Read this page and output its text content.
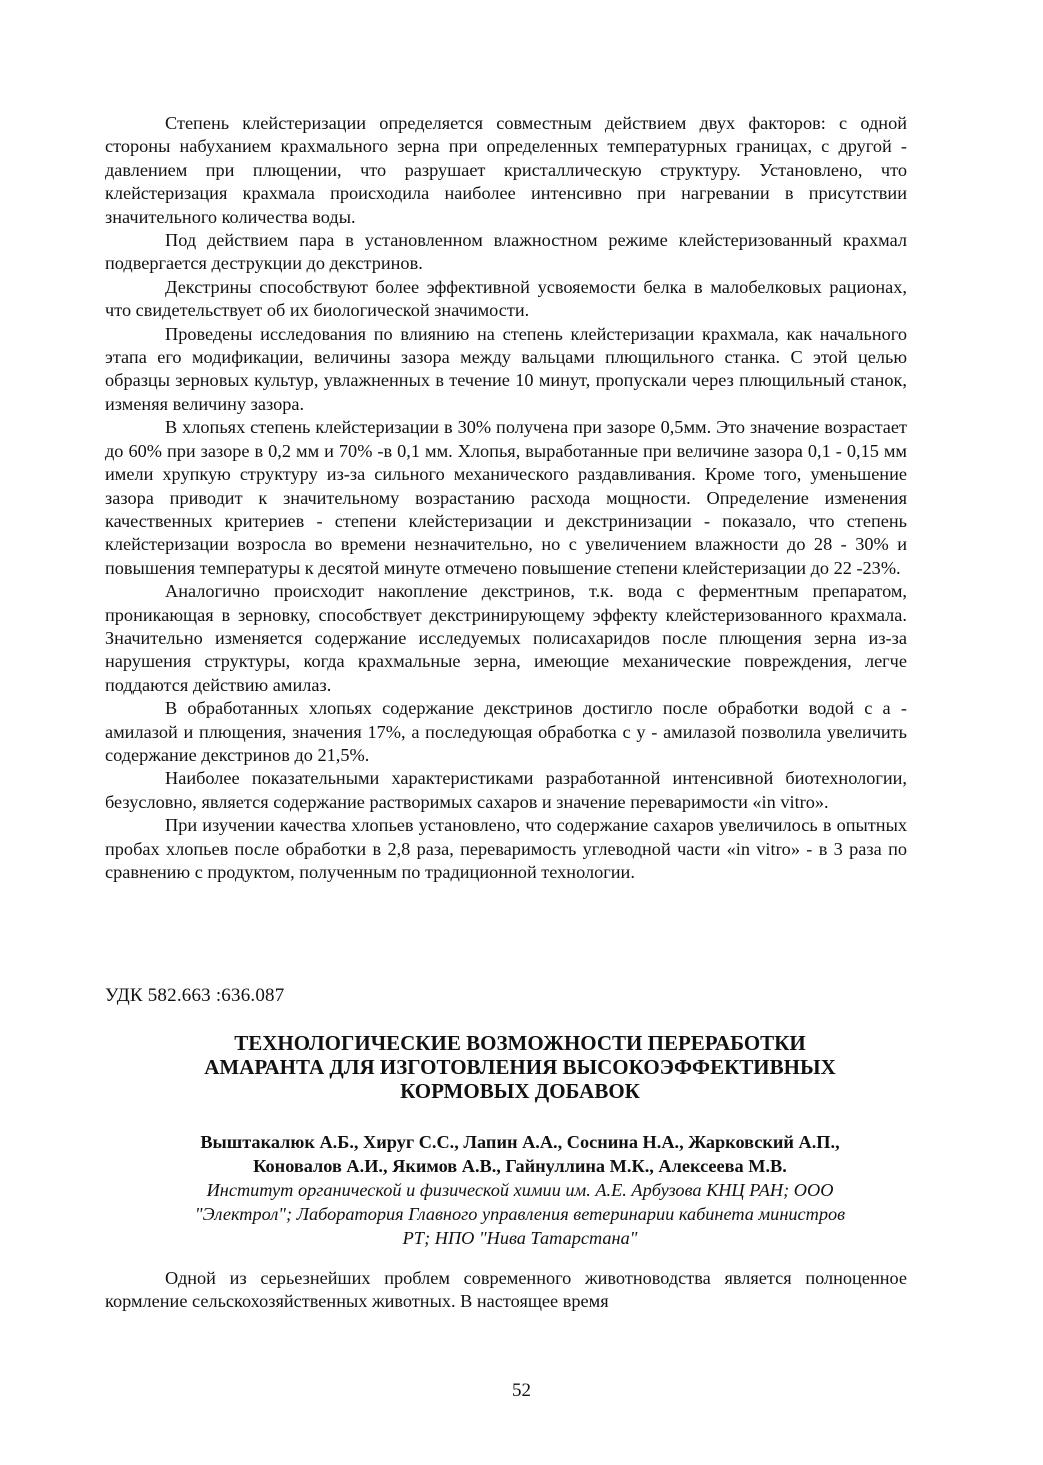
Степень клейстеризации определяется совместным действием двух факторов: с одной стороны набуханием крахмального зерна при определенных температурных границах, с другой - давлением при плющении, что разрушает кристаллическую структуру. Установлено, что клейстеризация крахмала происходила наиболее интенсивно при нагревании в присутствии значительного количества воды.

Под действием пара в установленном влажностном режиме клейстеризованный крахмал подвергается деструкции до декстринов.

Декстрины способствуют более эффективной усвояемости белка в малобелковых рационах, что свидетельствует об их биологической значимости.

Проведены исследования по влиянию на степень клейстеризации крахмала, как начального этапа его модификации, величины зазора между вальцами плющильного станка. С этой целью образцы зерновых культур, увлажненных в течение 10 минут, пропускали через плющильный станок, изменяя величину зазора.

В хлопьях степень клейстеризации в 30% получена при зазоре 0,5мм. Это значение возрастает до 60% при зазоре в 0,2 мм и 70% -в 0,1 мм. Хлопья, выработанные при величине зазора 0,1 - 0,15 мм имели хрупкую структуру из-за сильного механического раздавливания. Кроме того, уменьшение зазора приводит к значительному возрастанию расхода мощности. Определение изменения качественных критериев - степени клейстеризации и декстринизации - показало, что степень клейстеризации возросла во времени незначительно, но с увеличением влажности до 28 - 30% и повышения температуры к десятой минуте отмечено повышение степени клейстеризации до 22 -23%.

Аналогично происходит накопление декстринов, т.к. вода с ферментным препаратом, проникающая в зерновку, способствует декстринирующему эффекту клейстеризованного крахмала. Значительно изменяется содержание исследуемых полисахаридов после плющения зерна из-за нарушения структуры, когда крахмальные зерна, имеющие механические повреждения, легче поддаются действию амилаз.

В обработанных хлопьях содержание декстринов достигло после обработки водой с а - амилазой и плющения, значения 17%, а последующая обработка с у - амилазой позволила увеличить содержание декстринов до 21,5%.

Наиболее показательными характеристиками разработанной интенсивной биотехнологии, безусловно, является содержание растворимых сахаров и значение переваримости «in vitro».

При изучении качества хлопьев установлено, что содержание сахаров увеличилось в опытных пробах хлопьев после обработки в 2,8 раза, переваримость углеводной части «in vitro» - в 3 раза по сравнению с продуктом, полученным по традиционной технологии.

УДК 582.663 :636.087

ТЕХНОЛОГИЧЕСКИЕ ВОЗМОЖНОСТИ ПЕРЕРАБОТКИ
АМАРАНТА ДЛЯ ИЗГОТОВЛЕНИЯ ВЫСОКОЭФФЕКТИВНЫХ
КОРМОВЫХ ДОБАВОК

Выштакалюк А.Б., Хируг С.С., Лапин А.А., Соснина Н.А., Жарковский А.П.,
Коновалов А.И., Якимов А.В., Гайнуллина М.К., Алексеева М.В.

Институт органической и физической химии им. А.Е. Арбузова КНЦ РАН; ООО
"Электрол"; Лаборатория Главного управления ветеринарии кабинета министров
РТ; НПО "Нива Татарстана"

Одной из серьезнейших проблем современного животноводства является полноценное кормление сельскохозяйственных животных. В настоящее время

52
